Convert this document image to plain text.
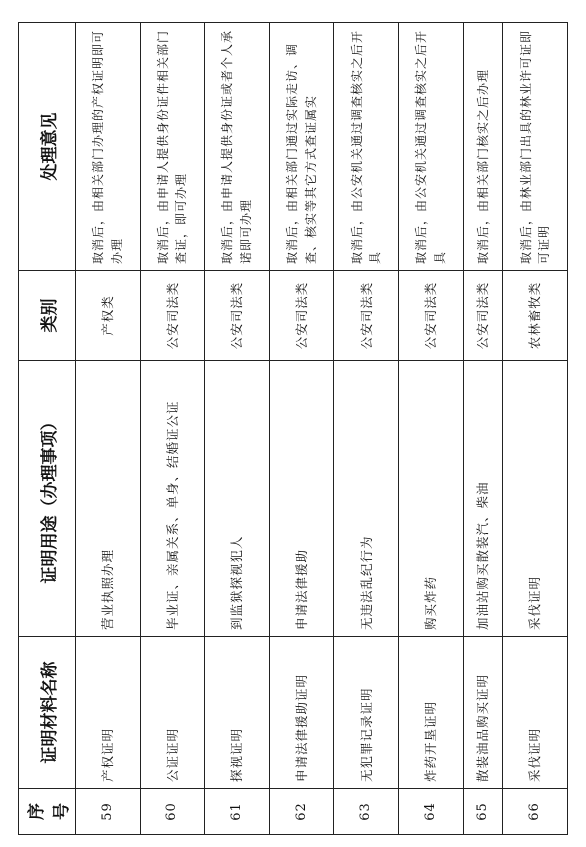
序号	证明材料名称	证明用途（办理事项）	类别	处理意见
59	产权证明	营业执照办理	产权类	取消后，由相关部门办理的产权证明即可办理
60	公证证明	毕业证、亲属关系、单身、结婚证公证	公安司法类	取消后，由申请人提供身份证件相关部门查证，即可办理
61	探视证明	到监狱探视犯人	公安司法类	取消后，由申请人提供身份证或者个人承诺即可办理
62	申请法律援助证明	申请法律援助	公安司法类	取消后，由相关部门通过实际走访、调查、核实等其它方式查证属实
63	无犯罪记录证明	无违法乱纪行为	公安司法类	取消后，由公安机关通过调查核实之后开具
64	炸药开垦证明	购买炸药	公安司法类	取消后，由公安机关通过调查核实之后开具
65	散装油品购买证明	加油站购买散装汽、柴油	公安司法类	取消后，由相关部门核实之后办理
66	采伐证明	采伐证明	农林畜牧类	取消后，由林业部门出具的林业许可证即可证明
